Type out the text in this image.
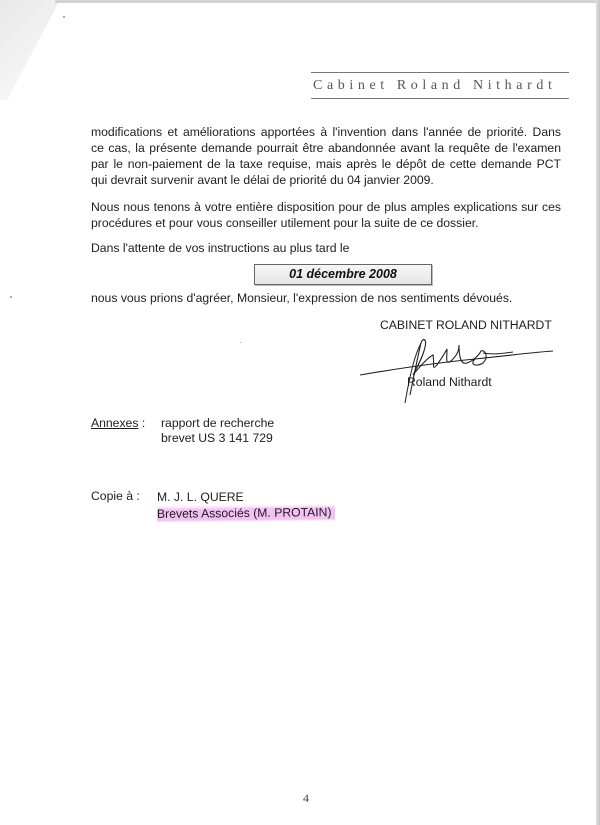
Cabinet Roland Nithardt
modifications et améliorations apportées à l'invention dans l'année de priorité. Dans
ce cas, la présente demande pourrait être abandonnée avant la requête de l'examen
par le non-paiement de la taxe requise, mais après le dépôt de cette demande PCT
qui devrait survenir avant le délai de priorité du 04 janvier 2009.
Nous nous tenons à votre entière disposition pour de plus amples explications sur ces
procédures et pour vous conseiller utilement pour la suite de ce dossier.
Dans l'attente de vos instructions au plus tard le
01 décembre 2008
nous vous prions d'agréer, Monsieur, l'expression de nos sentiments dévoués.
CABINET ROLAND NITHARDT
Roland Nithardt
Annexes : rapport de recherche
brevet US 3 141 729
Copie à : M. J. L. QUERE
Brevets Associés (M. PROTAIN)
4
